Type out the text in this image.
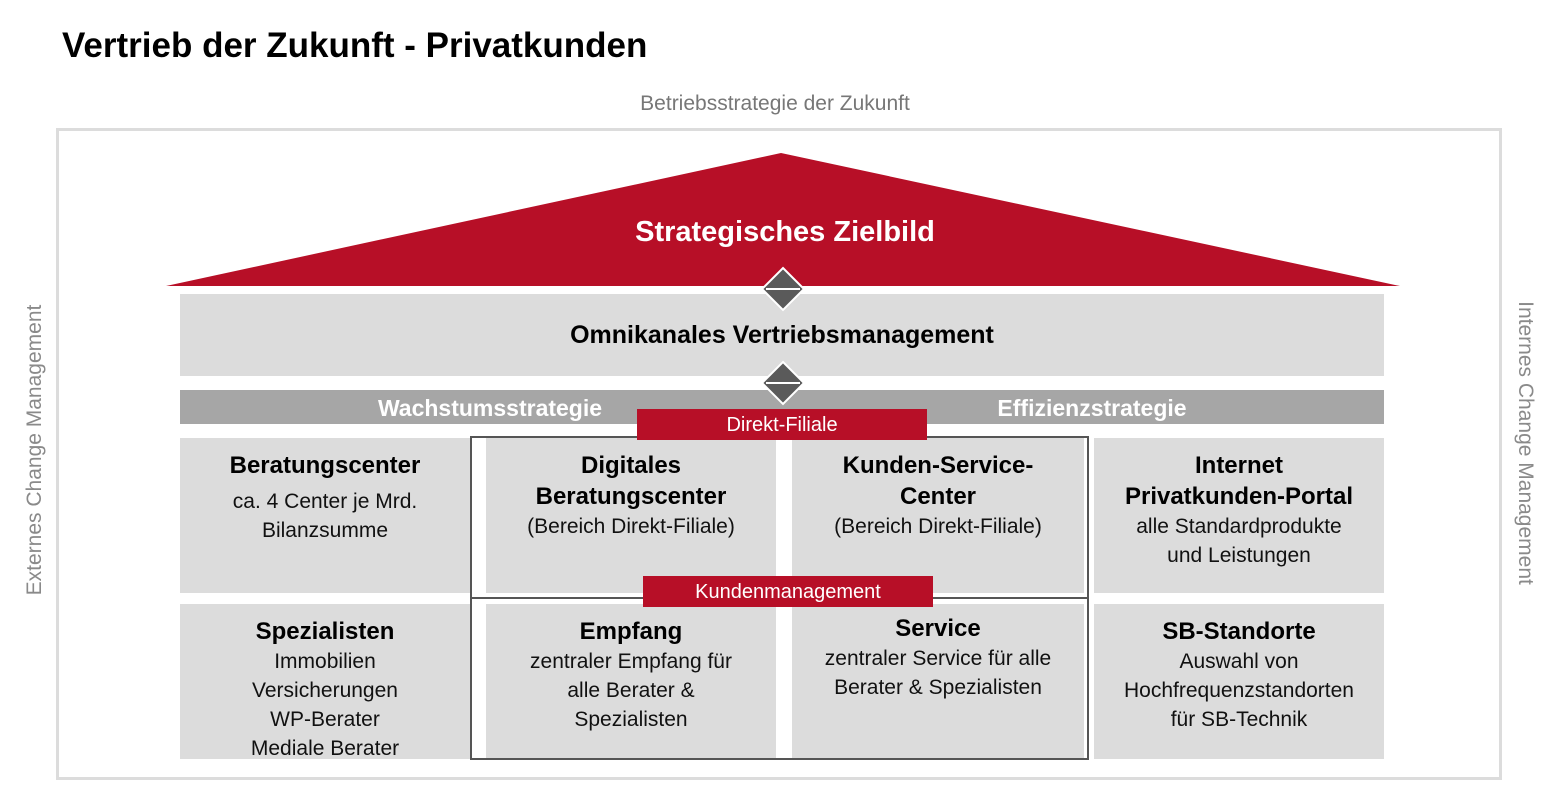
Vertrieb der Zukunft - Privatkunden
Betriebsstrategie der Zukunft
Externes Change Management	Internes Change Management
Strategisches Zielbild
Omnikanales Vertriebsmanagement
Wachstumsstrategie	Effizienzstrategie
Beratungscenter
ca. 4 Center je Mrd.
Bilanzsumme
Digitales
Beratungscenter
(Bereich Direkt-Filiale)
Kunden-Service-
Center
(Bereich Direkt-Filiale)
Internet
Privatkunden-Portal
alle Standardprodukte
und Leistungen
Spezialisten
Immobilien
Versicherungen
WP-Berater
Mediale Berater
Empfang
zentraler Empfang für
alle Berater &
Spezialisten
Service
zentraler Service für alle
Berater & Spezialisten
SB-Standorte
Auswahl von
Hochfrequenzstandorten
für SB-Technik
Direkt-Filiale
Kundenmanagement
